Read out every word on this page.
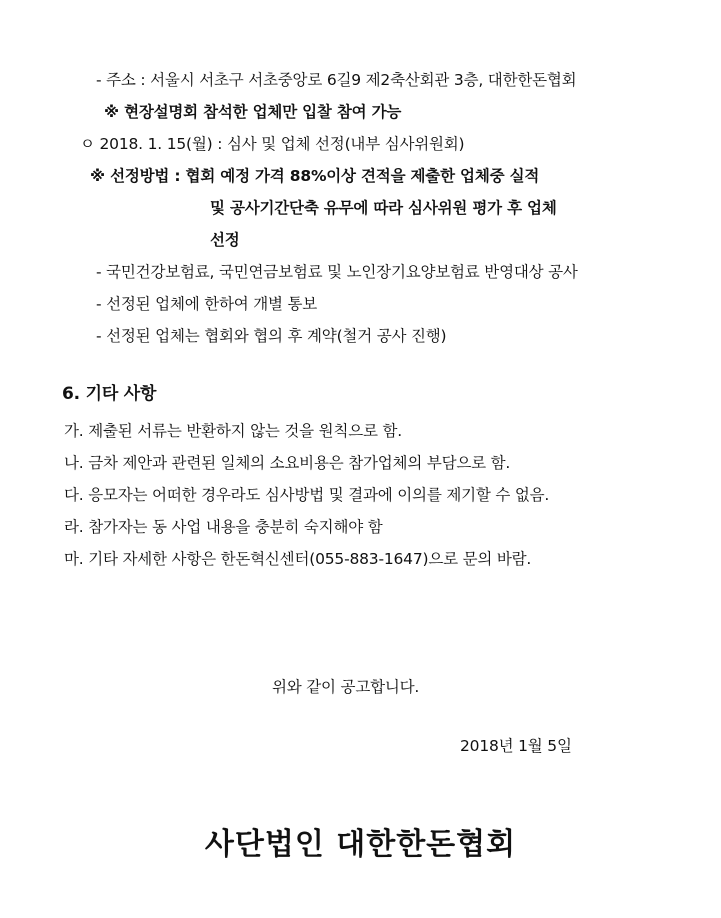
- 주소 : 서울시 서초구 서초중앙로 6길9 제2축산회관 3층, 대한한돈협회
※ 현장설명회 참석한 업체만 입찰 참여 가능
ㅇ 2018. 1. 15(월) : 심사 및 업체 선정(내부 심사위원회)
※ 선정방법 : 협회 예정 가격 88%이상 견적을 제출한 업체중 실적
및 공사기간단축 유무에 따라 심사위원 평가 후 업체
선정
- 국민건강보험료, 국민연금보험료 및 노인장기요양보험료 반영대상 공사
- 선정된 업체에 한하여 개별 통보
- 선정된 업체는 협회와 협의 후 계약(철거 공사 진행)
6. 기타 사항
가. 제출된 서류는 반환하지 않는 것을 원칙으로 함.
나. 금차 제안과 관련된 일체의 소요비용은 참가업체의 부담으로 함.
다. 응모자는 어떠한 경우라도 심사방법 및 결과에 이의를 제기할 수 없음.
라. 참가자는 동 사업 내용을 충분히 숙지해야 함
마. 기타 자세한 사항은 한돈혁신센터(055-883-1647)으로 문의 바람.
위와 같이 공고합니다.
2018년 1월 5일
사단법인 대한한돈협회
